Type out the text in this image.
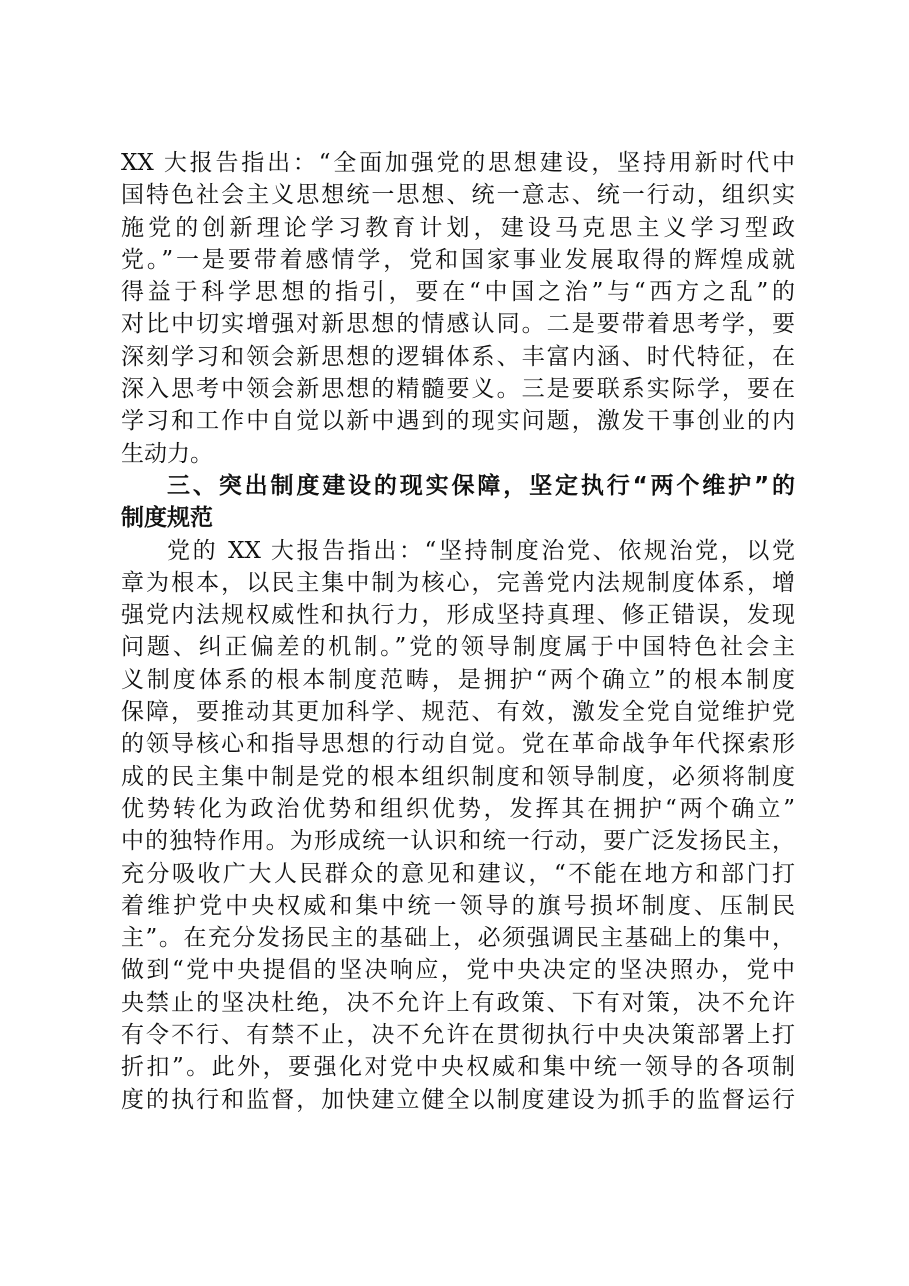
XX 大报告指出：“全面加强党的思想建设，坚持用新时代中
国特色社会主义思想统一思想、统一意志、统一行动，组织实
施党的创新理论学习教育计划，建设马克思主义学习型政
党。”一是要带着感情学，党和国家事业发展取得的辉煌成就
得益于科学思想的指引，要在“中国之治”与“西方之乱”的
对比中切实增强对新思想的情感认同。二是要带着思考学，要
深刻学习和领会新思想的逻辑体系、丰富内涵、时代特征，在
深入思考中领会新思想的精髓要义。三是要联系实际学，要在
学习和工作中自觉以新中遇到的现实问题，激发干事创业的内
生动力。
三、突出制度建设的现实保障，坚定执行“两个维护”的
制度规范
党的 XX 大报告指出：“坚持制度治党、依规治党，以党
章为根本，以民主集中制为核心，完善党内法规制度体系，增
强党内法规权威性和执行力，形成坚持真理、修正错误，发现
问题、纠正偏差的机制。”党的领导制度属于中国特色社会主
义制度体系的根本制度范畴，是拥护“两个确立”的根本制度
保障，要推动其更加科学、规范、有效，激发全党自觉维护党
的领导核心和指导思想的行动自觉。党在革命战争年代探索形
成的民主集中制是党的根本组织制度和领导制度，必须将制度
优势转化为政治优势和组织优势，发挥其在拥护“两个确立”
中的独特作用。为形成统一认识和统一行动，要广泛发扬民主，
充分吸收广大人民群众的意见和建议，“不能在地方和部门打
着维护党中央权威和集中统一领导的旗号损坏制度、压制民
主”。在充分发扬民主的基础上，必须强调民主基础上的集中，
做到“党中央提倡的坚决响应，党中央决定的坚决照办，党中
央禁止的坚决杜绝，决不允许上有政策、下有对策，决不允许
有令不行、有禁不止，决不允许在贯彻执行中央决策部署上打
折扣”。此外，要强化对党中央权威和集中统一领导的各项制
度的执行和监督，加快建立健全以制度建设为抓手的监督运行
